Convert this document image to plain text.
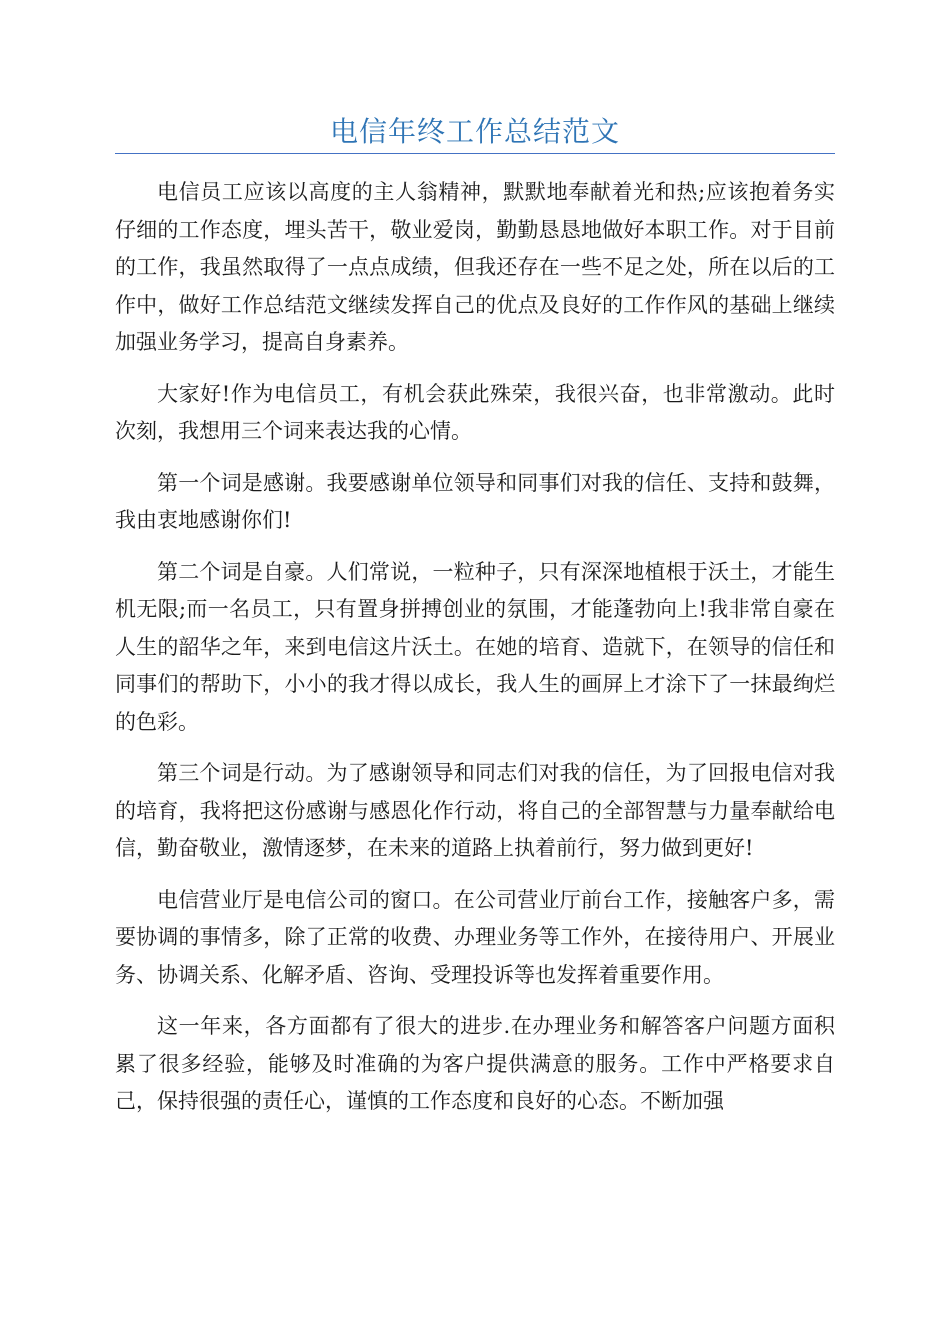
电信年终工作总结范文

电信员工应该以高度的主人翁精神，默默地奉献着光和热;应该抱着务实仔细的工作态度，埋头苦干，敬业爱岗，勤勤恳恳地做好本职工作。对于目前的工作，我虽然取得了一点点成绩，但我还存在一些不足之处，所在以后的工作中，做好工作总结范文继续发挥自己的优点及良好的工作作风的基础上继续加强业务学习，提高自身素养。

大家好!作为电信员工，有机会获此殊荣，我很兴奋，也非常激动。此时次刻，我想用三个词来表达我的心情。

第一个词是感谢。我要感谢单位领导和同事们对我的信任、支持和鼓舞，我由衷地感谢你们!

第二个词是自豪。人们常说，一粒种子，只有深深地植根于沃土，才能生机无限;而一名员工，只有置身拼搏创业的氛围，才能蓬勃向上!我非常自豪在人生的韶华之年，来到电信这片沃土。在她的培育、造就下，在领导的信任和同事们的帮助下，小小的我才得以成长，我人生的画屏上才涂下了一抹最绚烂的色彩。

第三个词是行动。为了感谢领导和同志们对我的信任，为了回报电信对我的培育，我将把这份感谢与感恩化作行动，将自己的全部智慧与力量奉献给电信，勤奋敬业，激情逐梦，在未来的道路上执着前行，努力做到更好!

电信营业厅是电信公司的窗口。在公司营业厅前台工作，接触客户多，需要协调的事情多，除了正常的收费、办理业务等工作外，在接待用户、开展业务、协调关系、化解矛盾、咨询、受理投诉等也发挥着重要作用。

这一年来，各方面都有了很大的进步.在办理业务和解答客户问题方面积累了很多经验，能够及时准确的为客户提供满意的服务。工作中严格要求自己，保持很强的责任心，谨慎的工作态度和良好的心态。不断加强
